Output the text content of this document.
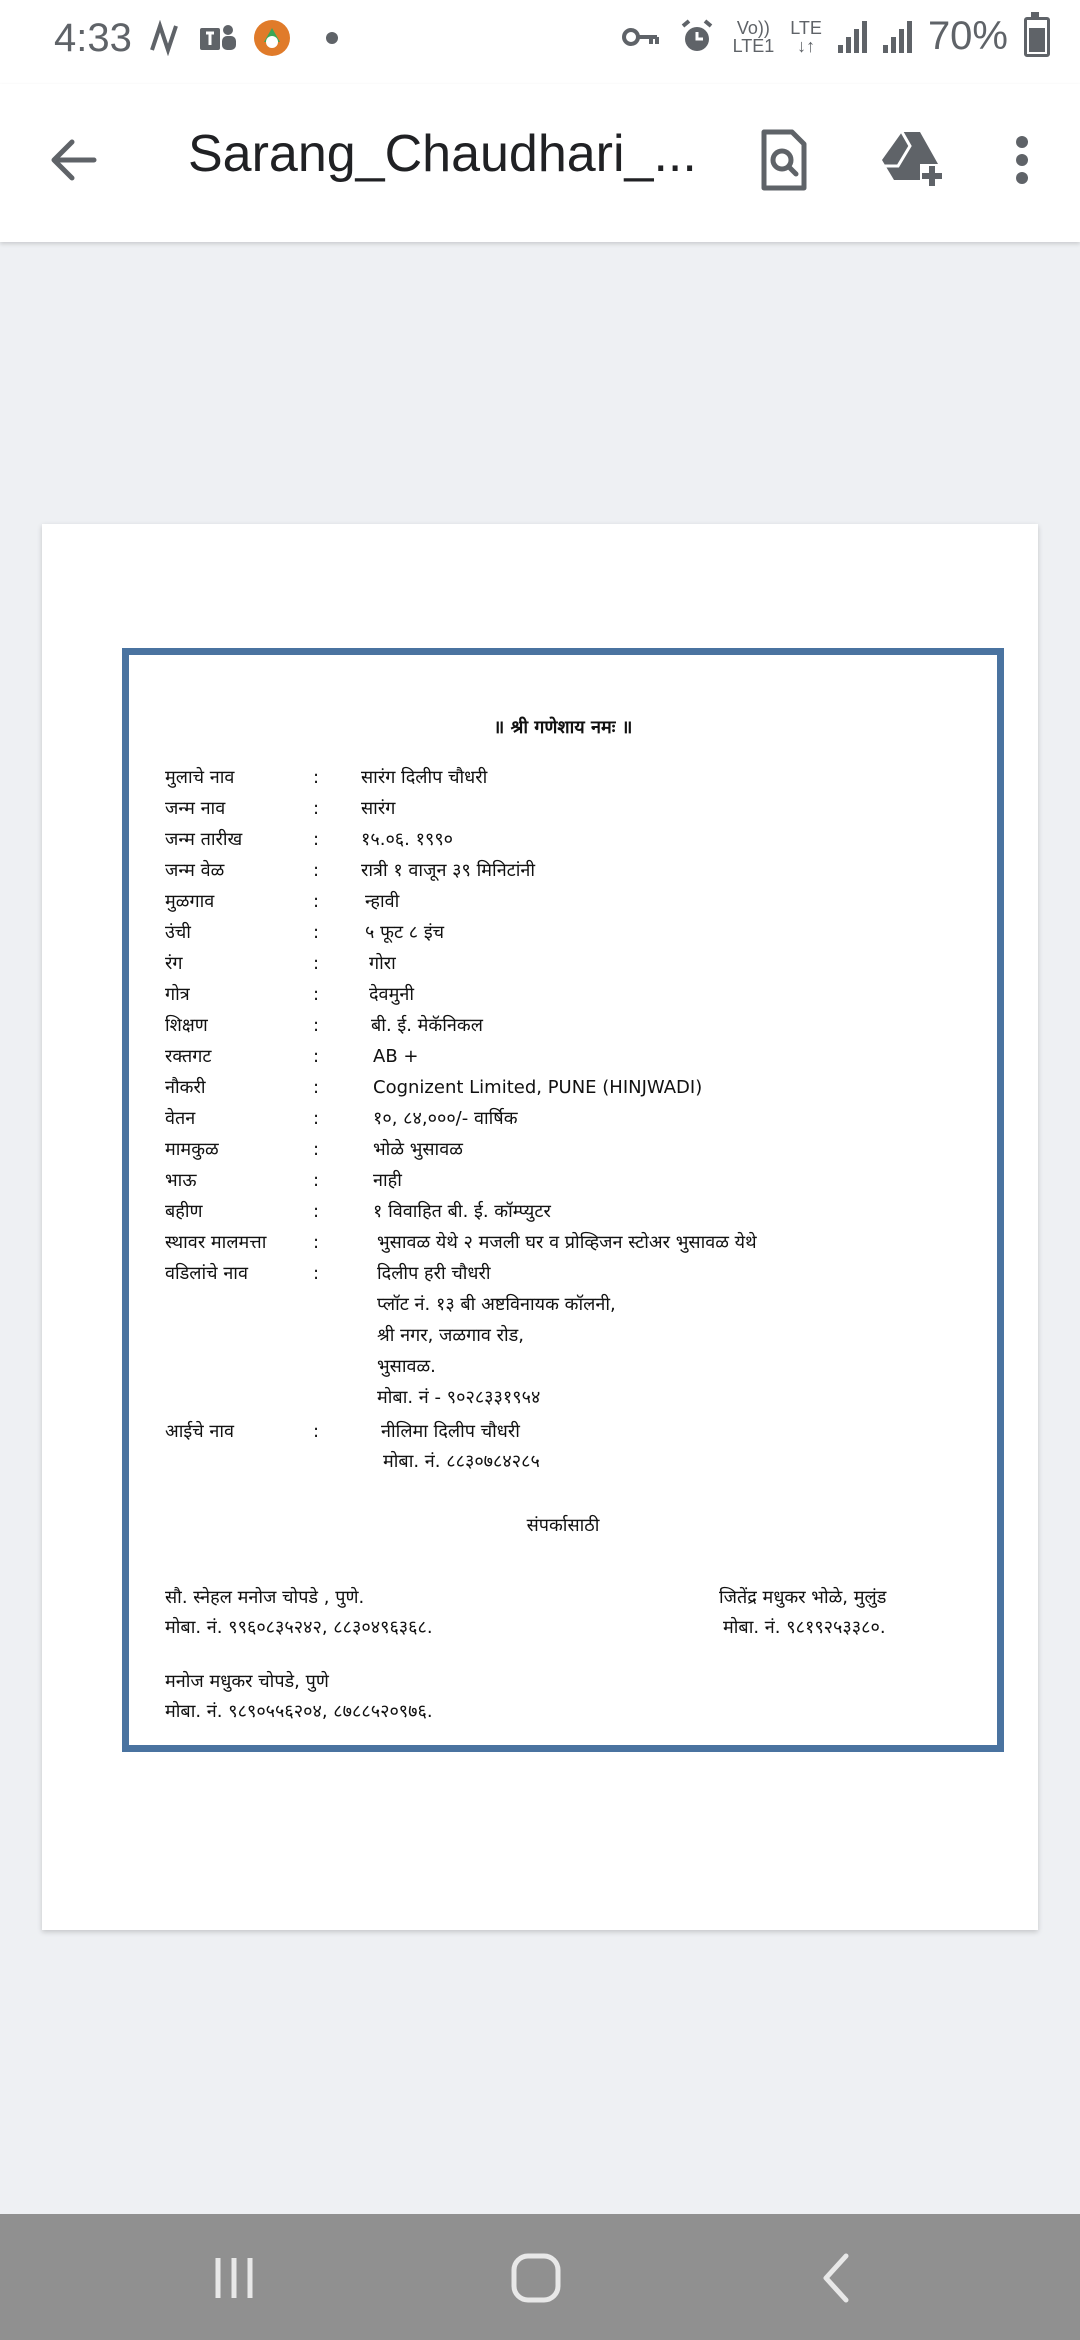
4:33	Vo))
LTE1
LTE
↓↑	70%
Sarang_Chaudhari_...
॥ श्री गणेशाय नमः ॥
मुलाचे नाव	:	सारंग दिलीप चौधरी
जन्म नाव	:	सारंग
जन्म तारीख	:	१५.०६. १९९०
जन्म वेळ	:	रात्री १ वाजून ३९ मिनिटांनी
मुळगाव	:	न्हावी
उंची	:	५ फूट ८ इंच
रंग	:	गोरा
गोत्र	:	देवमुनी
शिक्षण	:	बी. ई. मेकॅनिकल
रक्तगट	:	AB +
नौकरी	:	Cognizent Limited, PUNE (HINJWADI)
वेतन	:	१०, ८४,०००/- वार्षिक
मामकुळ	:	भोळे भुसावळ
भाऊ	:	नाही
बहीण	:	१ विवाहित बी. ई. कॉम्प्युटर
स्थावर मालमत्ता	:	भुसावळ येथे २ मजली घर व प्रोव्हिजन स्टोअर भुसावळ येथे
वडिलांचे नाव	:	दिलीप हरी चौधरी
प्लॉट नं. १३ बी अष्टविनायक कॉलनी,
श्री नगर, जळगाव रोड,
भुसावळ.
मोबा. नं - ९०२८३३१९५४
आईचे नाव	:	नीलिमा दिलीप चौधरी
मोबा. नं. ८८३०७८४२८५
संपर्कासाठी
सौ. स्नेहल मनोज चोपडे , पुणे.
मोबा. नं. ९९६०८३५२४२, ८८३०४९६३६८.
जितेंद्र मधुकर भोळे, मुलुंड
मोबा. नं. ९८१९२५३३८०.
मनोज मधुकर चोपडे, पुणे
मोबा. नं. ९८९०५५६२०४, ८७८८५२०९७६.
